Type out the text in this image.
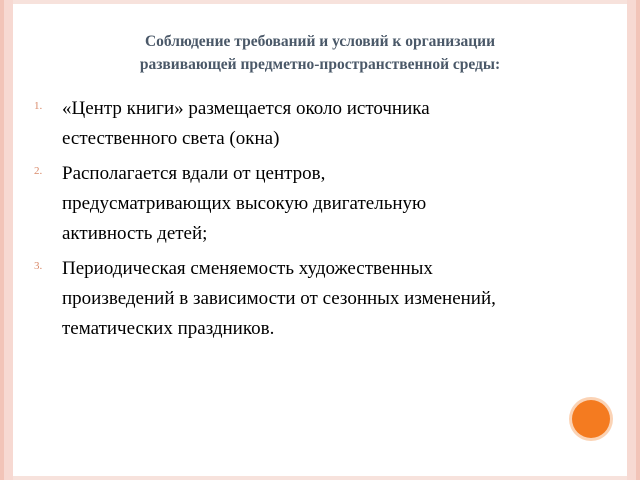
Соблюдение требований и условий к организации
развивающей предметно-пространственной среды:
1. «Центр книги» размещается около источника
естественного света (окна)
2. Располагается вдали от центров,
предусматривающих высокую двигательную
активность детей;
3. Периодическая сменяемость художественных
произведений в зависимости от сезонных изменений,
тематических праздников.
